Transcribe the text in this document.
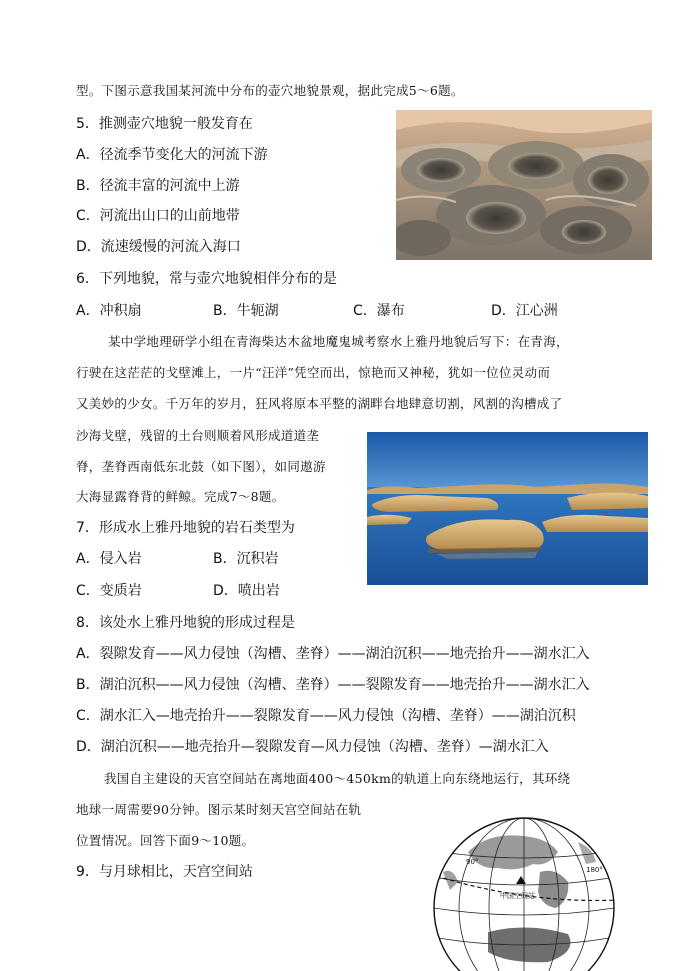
型。下图示意我国某河流中分布的壶穴地貌景观，据此完成5～6题。
5．推测壶穴地貌一般发育在
A．径流季节变化大的河流下游
B．径流丰富的河流中上游
C．河流出山口的山前地带
D．流速缓慢的河流入海口
6．下列地貌，常与壶穴地貌相伴分布的是
A．冲积扇	B．牛轭湖	C．瀑布	D．江心洲
某中学地理研学小组在青海柴达木盆地魔鬼城考察水上雅丹地貌后写下：在青海，
行驶在这茫茫的戈壁滩上，一片“汪洋”凭空而出，惊艳而又神秘，犹如一位位灵动而
又美妙的少女。千万年的岁月，狂风将原本平整的湖畔台地肆意切割，风割的沟槽成了
沙海戈壁，残留的土台则顺着风形成道道垄
脊，垄脊西南低东北鼓（如下图），如同遨游
大海显露脊背的鲜鲸。完成7～8题。
7．形成水上雅丹地貌的岩石类型为
A．侵入岩	B．沉积岩
C．变质岩	D．喷出岩
8．该处水上雅丹地貌的形成过程是
A．裂隙发育——风力侵蚀（沟槽、垄脊）——湖泊沉积——地壳抬升——湖水汇入
B．湖泊沉积——风力侵蚀（沟槽、垄脊）——裂隙发育——地壳抬升——湖水汇入
C．湖水汇入—地壳抬升——裂隙发育——风力侵蚀（沟槽、垄脊）——湖泊沉积
D．湖泊沉积——地壳抬升—裂隙发育—风力侵蚀（沟槽、垄脊）—湖水汇入
我国自主建设的天宫空间站在离地面400～450km的轨道上向东绕地运行，其环绕
地球一周需要90分钟。图示某时刻天宫空间站在轨
位置情况。回答下面9～10题。
9．与月球相比，天宫空间站
90°
180°
中国空间站
